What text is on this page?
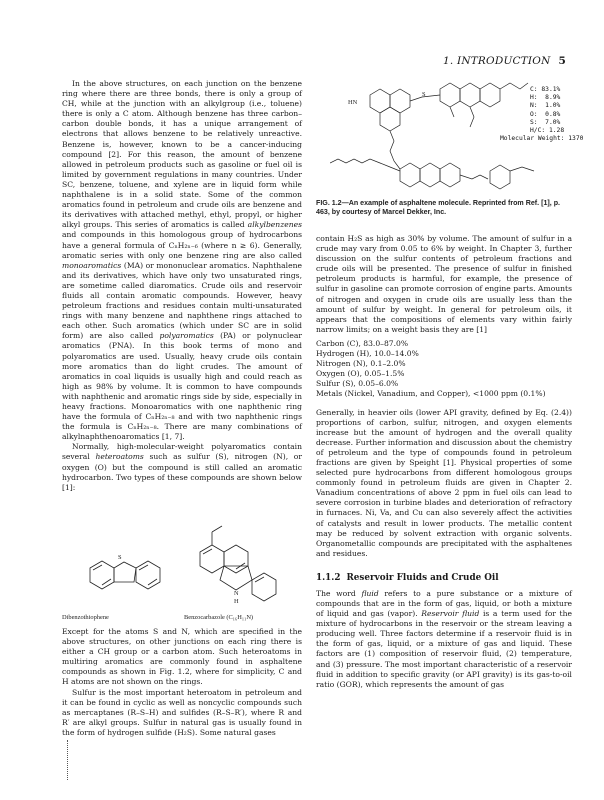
1. INTRODUCTION 5

In the above structures, on each junction on the benzene ring where there are three bonds, there is only a group of CH, while at the junction with an alkylgroup (i.e., toluene) there is only a C atom. Although benzene has three carbon–carbon double bonds, it has a unique arrangement of electrons that allows benzene to be relatively unreactive. Benzene is, however, known to be a cancer-inducing compound [2]. For this reason, the amount of benzene allowed in petroleum products such as gasoline or fuel oil is limited by government regulations in many countries. Under SC, benzene, toluene, and xylene are in liquid form while naphthalene is in a solid state. Some of the common aromatics found in petroleum and crude oils are benzene and its derivatives with attached methyl, ethyl, propyl, or higher alkyl groups. This series of aromatics is called alkylbenzenes and compounds in this homologous group of hydrocarbons have a general formula of CₙH₂ₙ₋₆ (where n ≥ 6). Generally, aromatic series with only one benzene ring are also called monoaromatics (MA) or mononuclear aromatics. Naphthalene and its derivatives, which have only two unsaturated rings, are sometime called diaromatics. Crude oils and reservoir fluids all contain aromatic compounds. However, heavy petroleum fractions and residues contain multi-unsaturated rings with many benzene and naphthene rings attached to each other. Such aromatics (which under SC are in solid form) are also called polyaromatics (PA) or polynuclear aromatics (PNA). In this book terms of mono and polyaromatics are used. Usually, heavy crude oils contain more aromatics than do light crudes. The amount of aromatics in coal liquids is usually high and could reach as high as 98% by volume. It is common to have compounds with naphthenic and aromatic rings side by side, especially in heavy fractions. Monoaromatics with one naphthenic ring have the formula of CₙH₂ₙ₋₈ and with two naphthenic rings the formula is CₙH₂ₙ₋₈. There are many combinations of alkylnaphthenoaromatics [1, 7].

Normally, high-molecular-weight polyaromatics contain several heteroatoms such as sulfur (S), nitrogen (N), or oxygen (O) but the compound is still called an aromatic hydrocarbon. Two types of these compounds are shown below [1]:

S
N
H
Dibenzothiophene	Benzocarbazole (C₁₆H₁₁N)

Except for the atoms S and N, which are specified in the above structures, on other junctions on each ring there is either a CH group or a carbon atom. Such heteroatoms in multiring aromatics are commonly found in asphaltene compounds as shown in Fig. 1.2, where for simplicity, C and H atoms are not shown on the rings.

Sulfur is the most important heteroatom in petroleum and it can be found in cyclic as well as noncyclic compounds such as mercaptanes (R–S–H) and sulfides (R–S–R′), where R and R′ are alkyl groups. Sulfur in natural gas is usually found in the form of hydrogen sulfide (H₂S). Some natural gases

HN
S
C: 83.1%
H:  8.9%
N:  1.0%
O:  0.8%
S:  7.0%
H/C: 1.28
Molecular Weight: 1370
FIG. 1.2—An example of asphaltene molecule. Reprinted from Ref. [1], p. 463, by courtesy of Marcel Dekker, Inc.

contain H₂S as high as 30% by volume. The amount of sulfur in a crude may vary from 0.05 to 6% by weight. In Chapter 3, further discussion on the sulfur contents of petroleum fractions and crude oils will be presented. The presence of sulfur in finished petroleum products is harmful, for example, the presence of sulfur in gasoline can promote corrosion of engine parts. Amounts of nitrogen and oxygen in crude oils are usually less than the amount of sulfur by weight. In general for petroleum oils, it appears that the compositions of elements vary within fairly narrow limits; on a weight basis they are [1]

Carbon (C), 83.0–87.0%
Hydrogen (H), 10.0–14.0%
Nitrogen (N), 0.1–2.0%
Oxygen (O), 0.05–1.5%
Sulfur (S), 0.05–6.0%
Metals (Nickel, Vanadium, and Copper), <1000 ppm (0.1%)

Generally, in heavier oils (lower API gravity, defined by Eq. (2.4)) proportions of carbon, sulfur, nitrogen, and oxygen elements increase but the amount of hydrogen and the overall quality decrease. Further information and discussion about the chemistry of petroleum and the type of compounds found in petroleum fractions are given by Speight [1]. Physical properties of some selected pure hydrocarbons from different homologous groups commonly found in petroleum fluids are given in Chapter 2. Vanadium concentrations of above 2 ppm in fuel oils can lead to severe corrosion in turbine blades and deterioration of refractory in furnaces. Ni, Va, and Cu can also severely affect the activities of catalysts and result in lower products. The metallic content may be reduced by solvent extraction with organic solvents. Organometallic compounds are precipitated with the asphaltenes and residues.

1.1.2 Reservoir Fluids and Crude Oil

The word fluid refers to a pure substance or a mixture of compounds that are in the form of gas, liquid, or both a mixture of liquid and gas (vapor). Reservoir fluid is a term used for the mixture of hydrocarbons in the reservoir or the stream leaving a producing well. Three factors determine if a reservoir fluid is in the form of gas, liquid, or a mixture of gas and liquid. These factors are (1) composition of reservoir fluid, (2) temperature, and (3) pressure. The most important characteristic of a reservoir fluid in addition to specific gravity (or API gravity) is its gas-to-oil ratio (GOR), which represents the amount of gas
